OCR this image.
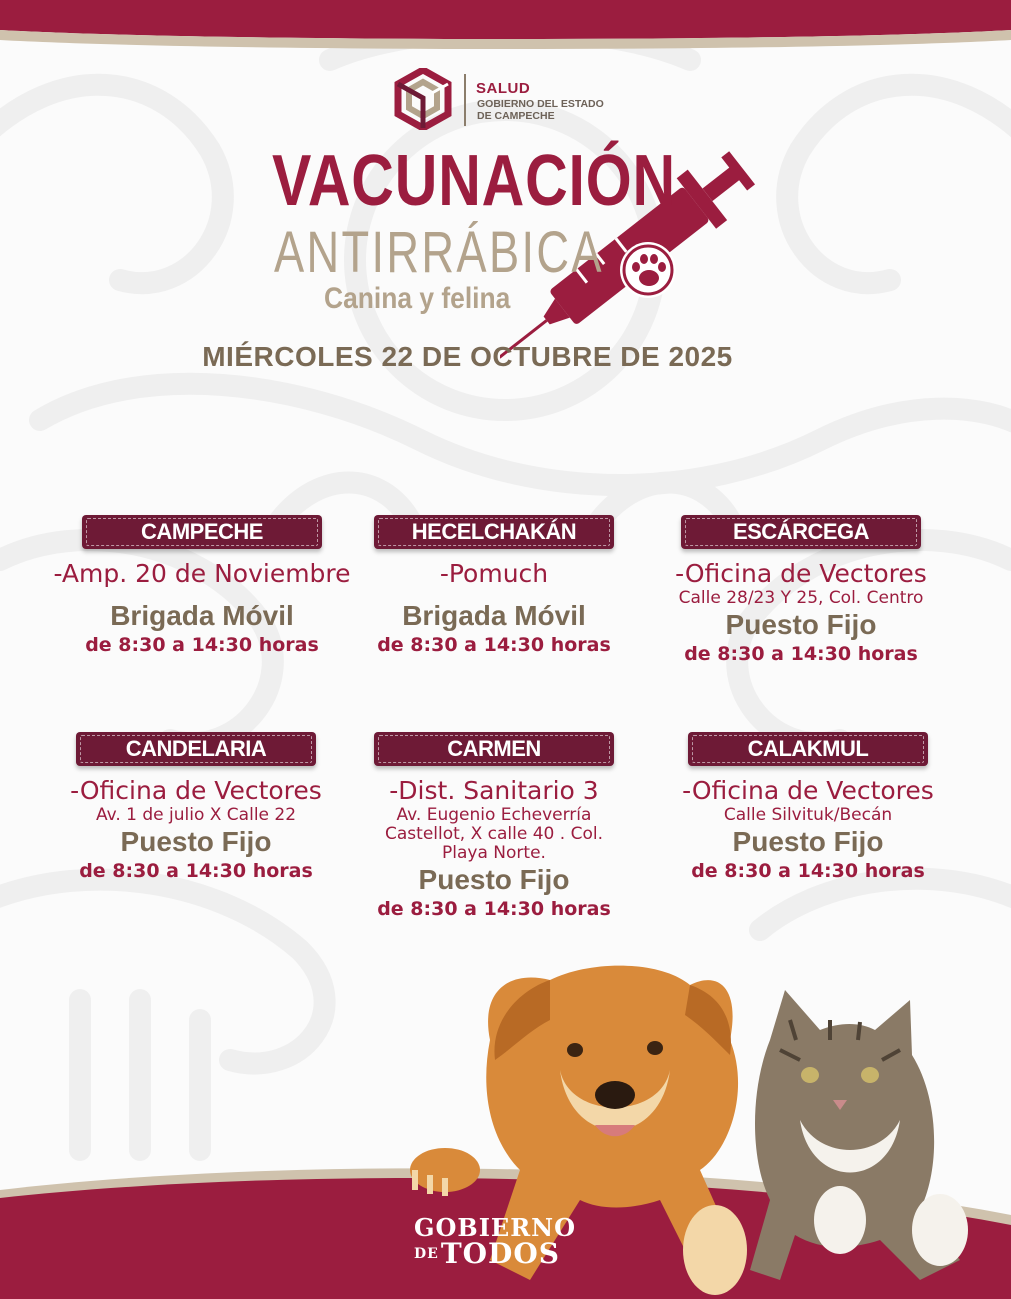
SALUD
GOBIERNO DEL ESTADO
DE CAMPECHE
VACUNACIÓN
ANTIRRÁBICA
Canina y felina
MIÉRCOLES 22 DE OCTUBRE DE 2025
CAMPECHE
-Amp. 20 de Noviembre
Brigada Móvil
de 8:30 a 14:30 horas
HECELCHAKÁN
-Pomuch
Brigada Móvil
de 8:30 a 14:30 horas
ESCÁRCEGA
-Oficina de Vectores
Calle 28/23 Y 25, Col. Centro
Puesto Fijo
de 8:30 a 14:30 horas
CANDELARIA
-Oficina de Vectores
Av. 1 de julio X Calle 22
Puesto Fijo
de 8:30 a 14:30 horas
CARMEN
-Dist. Sanitario 3
Av. Eugenio Echeverría Castellot, X calle 40 . Col. Playa Norte.
Puesto Fijo
de 8:30 a 14:30 horas
CALAKMUL
-Oficina de Vectores
Calle Silvituk/Becán
Puesto Fijo
de 8:30 a 14:30 horas
GOBIERNO
DE TODOS
